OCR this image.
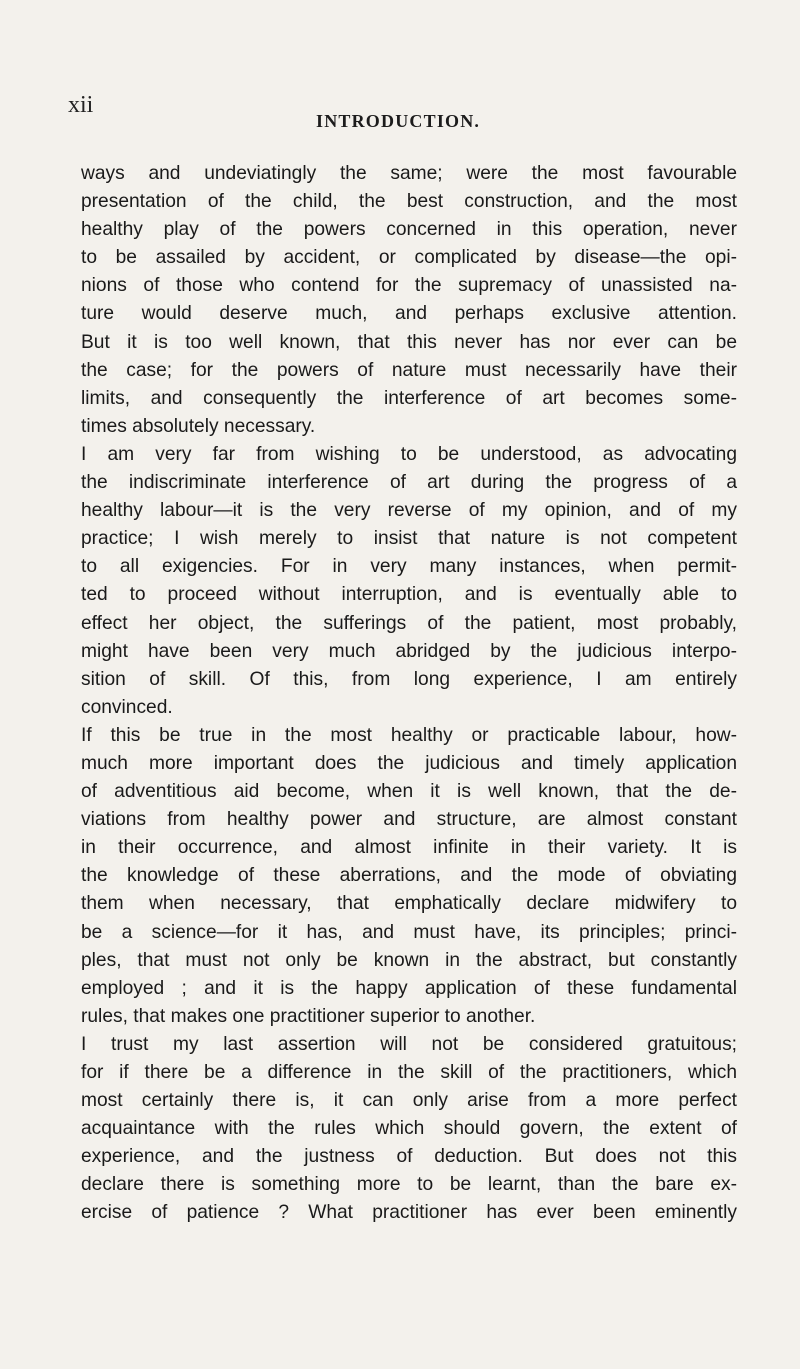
xii
INTRODUCTION.
ways and undeviatingly the same; were the most favourable
presentation of the child, the best construction, and the most
healthy play of the powers concerned in this operation, never
to be assailed by accident, or complicated by disease—the opi-
nions of those who contend for the supremacy of unassisted na-
ture would deserve much, and perhaps exclusive attention.
But it is too well known, that this never has nor ever can be
the case; for the powers of nature must necessarily have their
limits, and consequently the interference of art becomes some-
times absolutely necessary.
I am very far from wishing to be understood, as advocating
the indiscriminate interference of art during the progress of a
healthy labour—it is the very reverse of my opinion, and of my
practice; I wish merely to insist that nature is not competent
to all exigencies. For in very many instances, when permit-
ted to proceed without interruption, and is eventually able to
effect her object, the sufferings of the patient, most probably,
might have been very much abridged by the judicious interpo-
sition of skill. Of this, from long experience, I am entirely
convinced.
If this be true in the most healthy or practicable labour, how-
much more important does the judicious and timely application
of adventitious aid become, when it is well known, that the de-
viations from healthy power and structure, are almost constant
in their occurrence, and almost infinite in their variety. It is
the knowledge of these aberrations, and the mode of obviating
them when necessary, that emphatically declare midwifery to
be a science—for it has, and must have, its principles; princi-
ples, that must not only be known in the abstract, but constantly
employed ; and it is the happy application of these fundamental
rules, that makes one practitioner superior to another.
I trust my last assertion will not be considered gratuitous;
for if there be a difference in the skill of the practitioners, which
most certainly there is, it can only arise from a more perfect
acquaintance with the rules which should govern, the extent of
experience, and the justness of deduction. But does not this
declare there is something more to be learnt, than the bare ex-
ercise of patience ? What practitioner has ever been eminently
